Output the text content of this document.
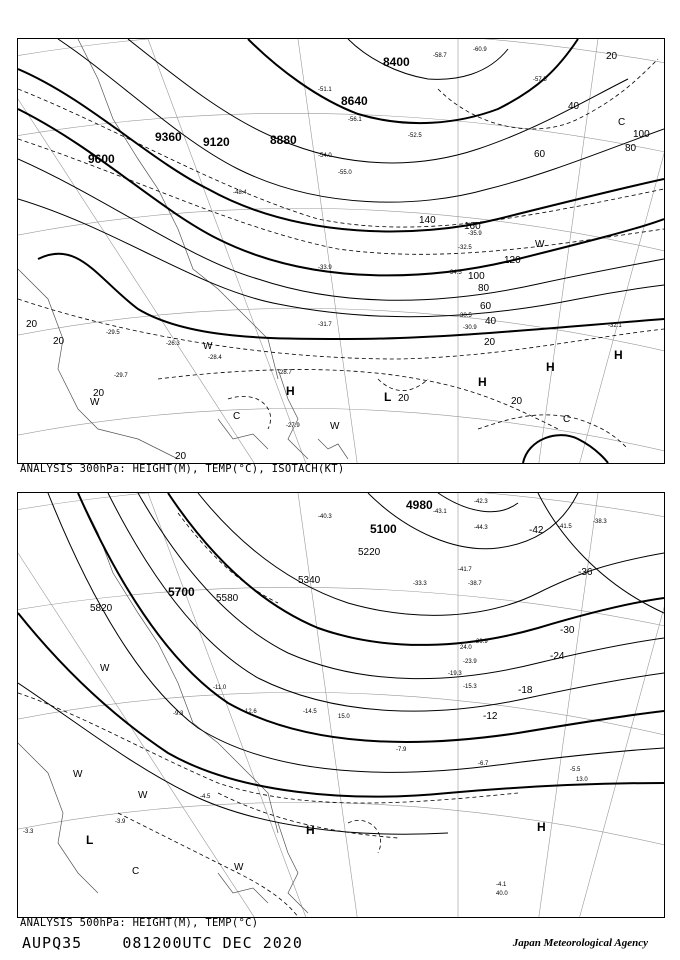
8400
8880
9120
9360
9600
8640
20
40
60
80
100
120
140
160
20
20
40
60
80
100
20
20
20
20	20
H
H
H
H	L
W
W
W
W
C	C
C
-58.7
-60.9
-51.1
-56.1
-57.5
-54.0
-55.0
-52.5
-48.4
-35.9
-32.5
-33.9
-30.9
-31.7
-28.4
-28.7
-29.7
-27.9
-26.3
-30.5
-32.1
-29.5
-34.5
ANALYSIS 300hPa: HEIGHT(M), TEMP(°C), ISOTACH(KT)
4980
5100
5220
5340
5580
5700
5820
-42
-36
-30
-24
-18
-12
H	H
L
W
W
W
W
C
-42.3
-43.1
-40.3
-44.3	-41.5
-38.3
-41.7
-38.7
-33.3
-29.9
-23.9
-19.3
-15.3
-12.6	-14.5
-7.9
-6.7
-5.5
-4.5
-4.1
-3.9
-3.3
-9.3
-11.0
13.0
40.0
24.0
15.0
ANALYSIS 500hPa: HEIGHT(M), TEMP(°C)
AUPQ35	081200UTC DEC 2020	Japan Meteorological Agency
